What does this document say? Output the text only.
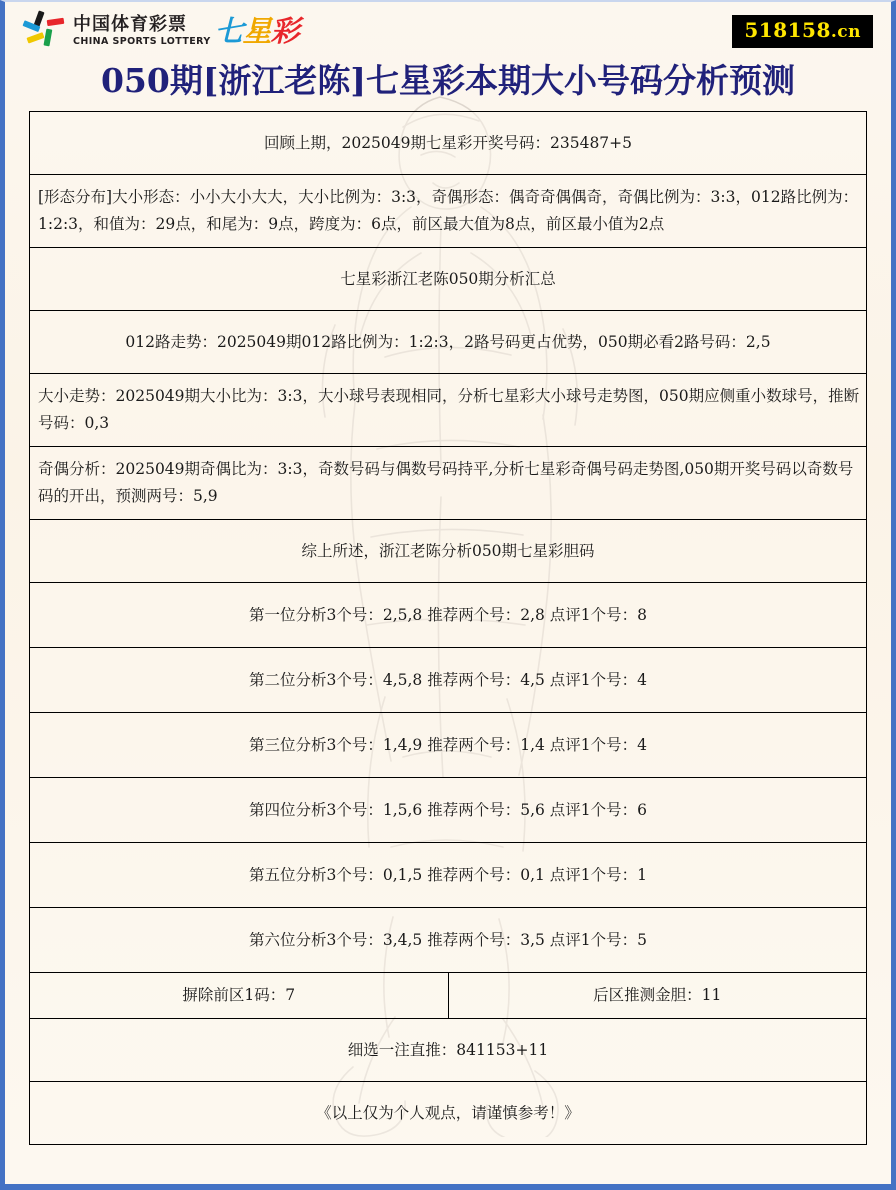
中国体育彩票
CHINA SPORTS LOTTERY 七星彩	518158.cn
050期[浙江老陈]七星彩本期大小号码分析预测
回顾上期，2025049期七星彩开奖号码：235487+5
[形态分布]大小形态：小小大小大大，大小比例为：3:3，奇偶形态：偶奇奇偶偶奇，奇偶比例为：3:3，012路比例为：1:2:3，和值为：29点，和尾为：9点，跨度为：6点，前区最大值为8点，前区最小值为2点
七星彩浙江老陈050期分析汇总
012路走势：2025049期012路比例为：1:2:3，2路号码更占优势，050期必看2路号码：2,5
大小走势：2025049期大小比为：3:3，大小球号表现相同，分析七星彩大小球号走势图，050期应侧重小数球号，推断号码：0,3
奇偶分析：2025049期奇偶比为：3:3，奇数号码与偶数号码持平,分析七星彩奇偶号码走势图,050期开奖号码以奇数号码的开出，预测两号：5,9
综上所述，浙江老陈分析050期七星彩胆码
第一位分析3个号：2,5,8 推荐两个号：2,8 点评1个号：8
第二位分析3个号：4,5,8 推荐两个号：4,5 点评1个号：4
第三位分析3个号：1,4,9 推荐两个号：1,4 点评1个号：4
第四位分析3个号：1,5,6 推荐两个号：5,6 点评1个号：6
第五位分析3个号：0,1,5 推荐两个号：0,1 点评1个号：1
第六位分析3个号：3,4,5 推荐两个号：3,5 点评1个号：5
摒除前区1码：7	后区推测金胆：11
细选一注直推：841153+11
《以上仅为个人观点，请谨慎参考！》
